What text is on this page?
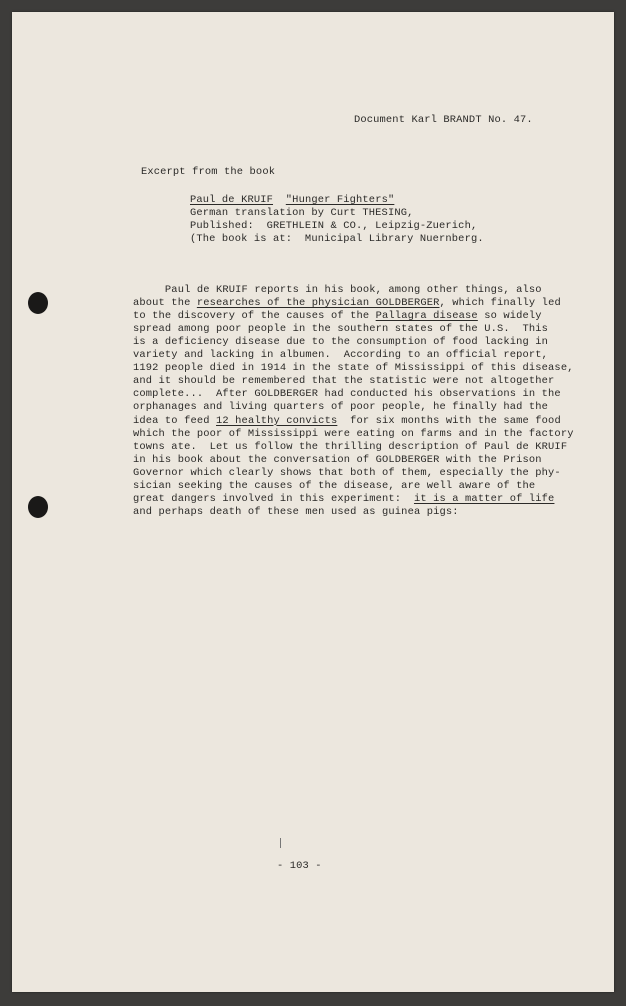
Document Karl BRANDT No. 47.

Excerpt from the book

Paul de KRUIF "Hunger Fighters"

German translation by Curt THESING,

Published:  GRETHLEIN & CO., Leipzig-Zuerich,

(The book is at:  Municipal Library Nuernberg.

Paul de KRUIF reports in his book, among other things, also

about the researches of the physician GOLDBERGER, which finally led

to the discovery of the causes of the Pallagra disease so widely

spread among poor people in the southern states of the U.S.  This

is a deficiency disease due to the consumption of food lacking in

variety and lacking in albumen.  According to an official report,

1192 people died in 1914 in the state of Mississippi of this disease,

and it should be remembered that the statistic were not altogether

complete...  After GOLDBERGER had conducted his observations in the

orphanages and living quarters of poor people, he finally had the

idea to feed 12 healthy convicts  for six months with the same food

which the poor of Mississippi were eating on farms and in the factory

towns ate.  Let us follow the thrilling description of Paul de KRUIF

in his book about the conversation of GOLDBERGER with the Prison

Governor which clearly shows that both of them, especially the phy-

sician seeking the causes of the disease, are well aware of the

great dangers involved in this experiment:  it is a matter of life

and perhaps death of these men used as guinea pigs:

- 103 -
